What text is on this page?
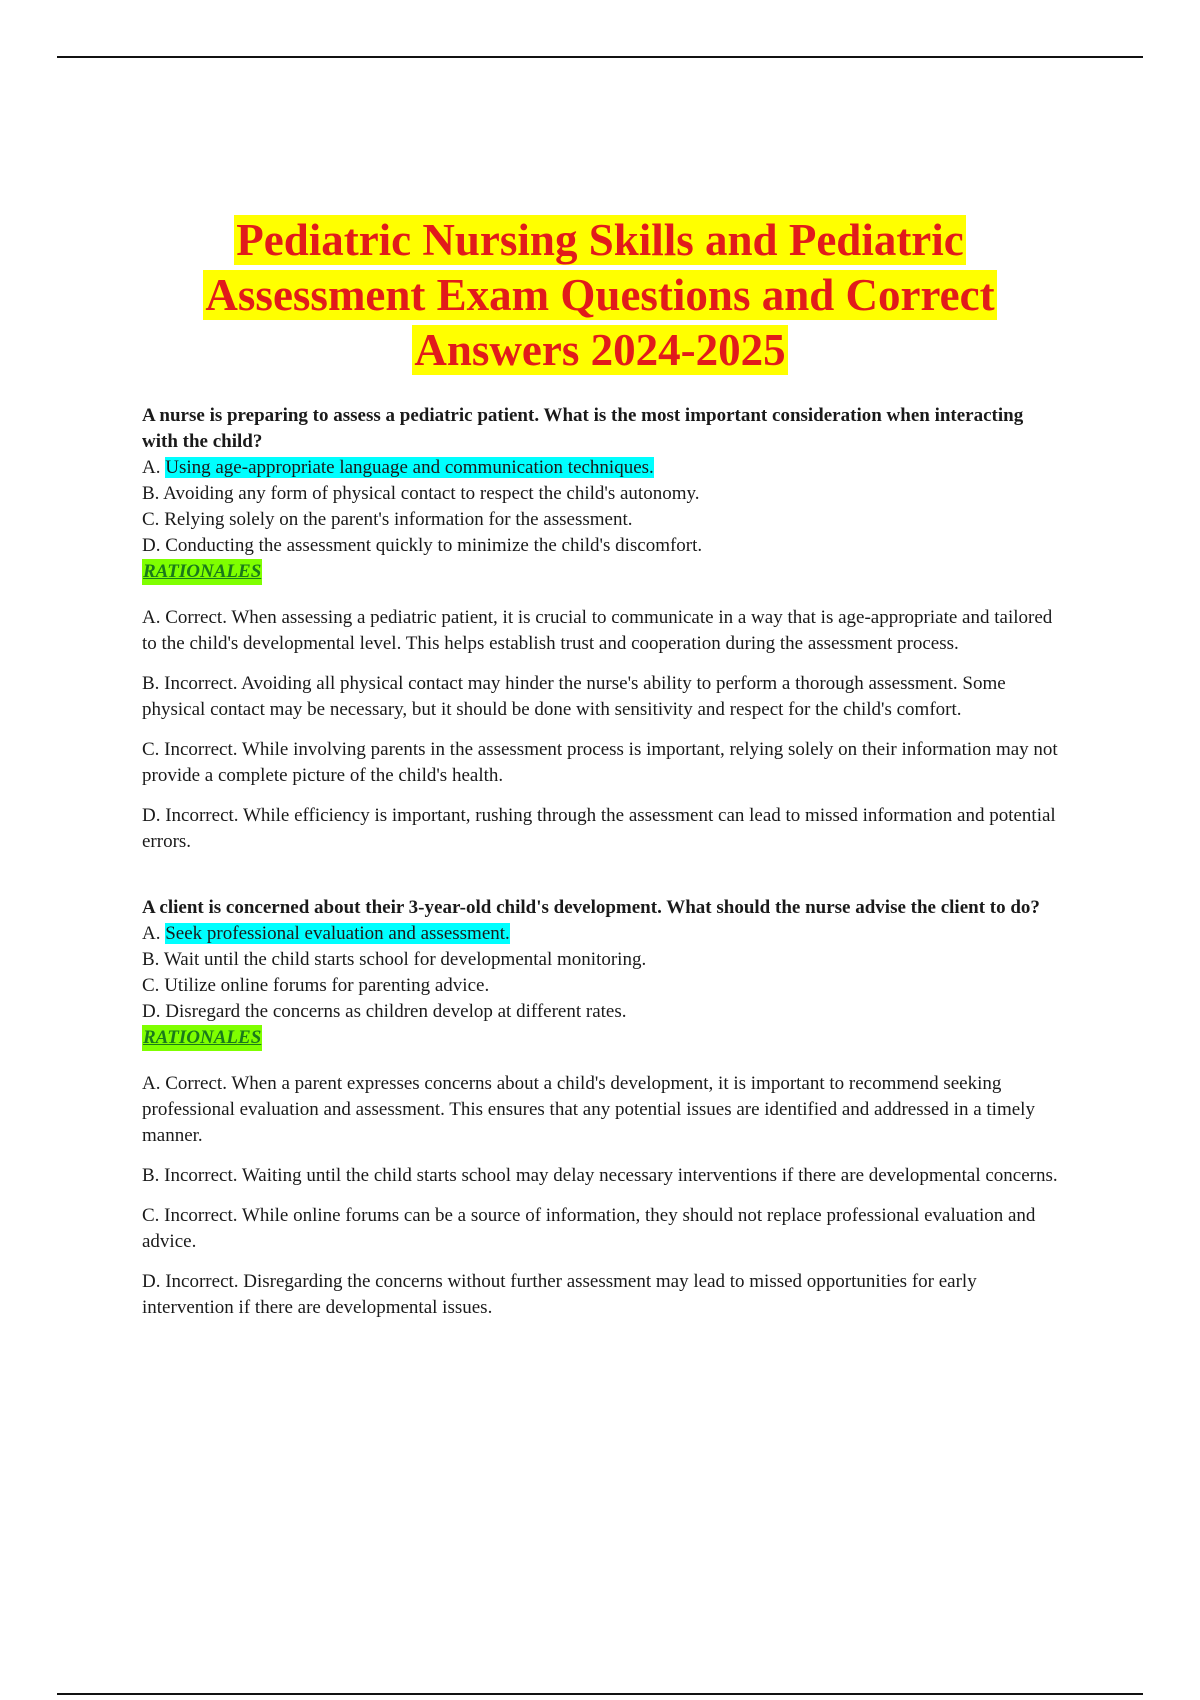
Pediatric Nursing Skills and Pediatric
Assessment Exam Questions and Correct
Answers 2024-2025

A nurse is preparing to assess a pediatric patient. What is the most important consideration when interacting with the child?

A. Using age-appropriate language and communication techniques.
B. Avoiding any form of physical contact to respect the child's autonomy.
C. Relying solely on the parent's information for the assessment.
D. Conducting the assessment quickly to minimize the child's discomfort.
RATIONALES

A. Correct. When assessing a pediatric patient, it is crucial to communicate in a way that is age-appropriate and tailored to the child's developmental level. This helps establish trust and cooperation during the assessment process.

B. Incorrect. Avoiding all physical contact may hinder the nurse's ability to perform a thorough assessment. Some physical contact may be necessary, but it should be done with sensitivity and respect for the child's comfort.

C. Incorrect. While involving parents in the assessment process is important, relying solely on their information may not provide a complete picture of the child's health.

D. Incorrect. While efficiency is important, rushing through the assessment can lead to missed information and potential errors.

A client is concerned about their 3-year-old child's development. What should the nurse advise the client to do?

A. Seek professional evaluation and assessment.
B. Wait until the child starts school for developmental monitoring.
C. Utilize online forums for parenting advice.
D. Disregard the concerns as children develop at different rates.
RATIONALES

A. Correct. When a parent expresses concerns about a child's development, it is important to recommend seeking professional evaluation and assessment. This ensures that any potential issues are identified and addressed in a timely manner.

B. Incorrect. Waiting until the child starts school may delay necessary interventions if there are developmental concerns.

C. Incorrect. While online forums can be a source of information, they should not replace professional evaluation and advice.

D. Incorrect. Disregarding the concerns without further assessment may lead to missed opportunities for early intervention if there are developmental issues.
